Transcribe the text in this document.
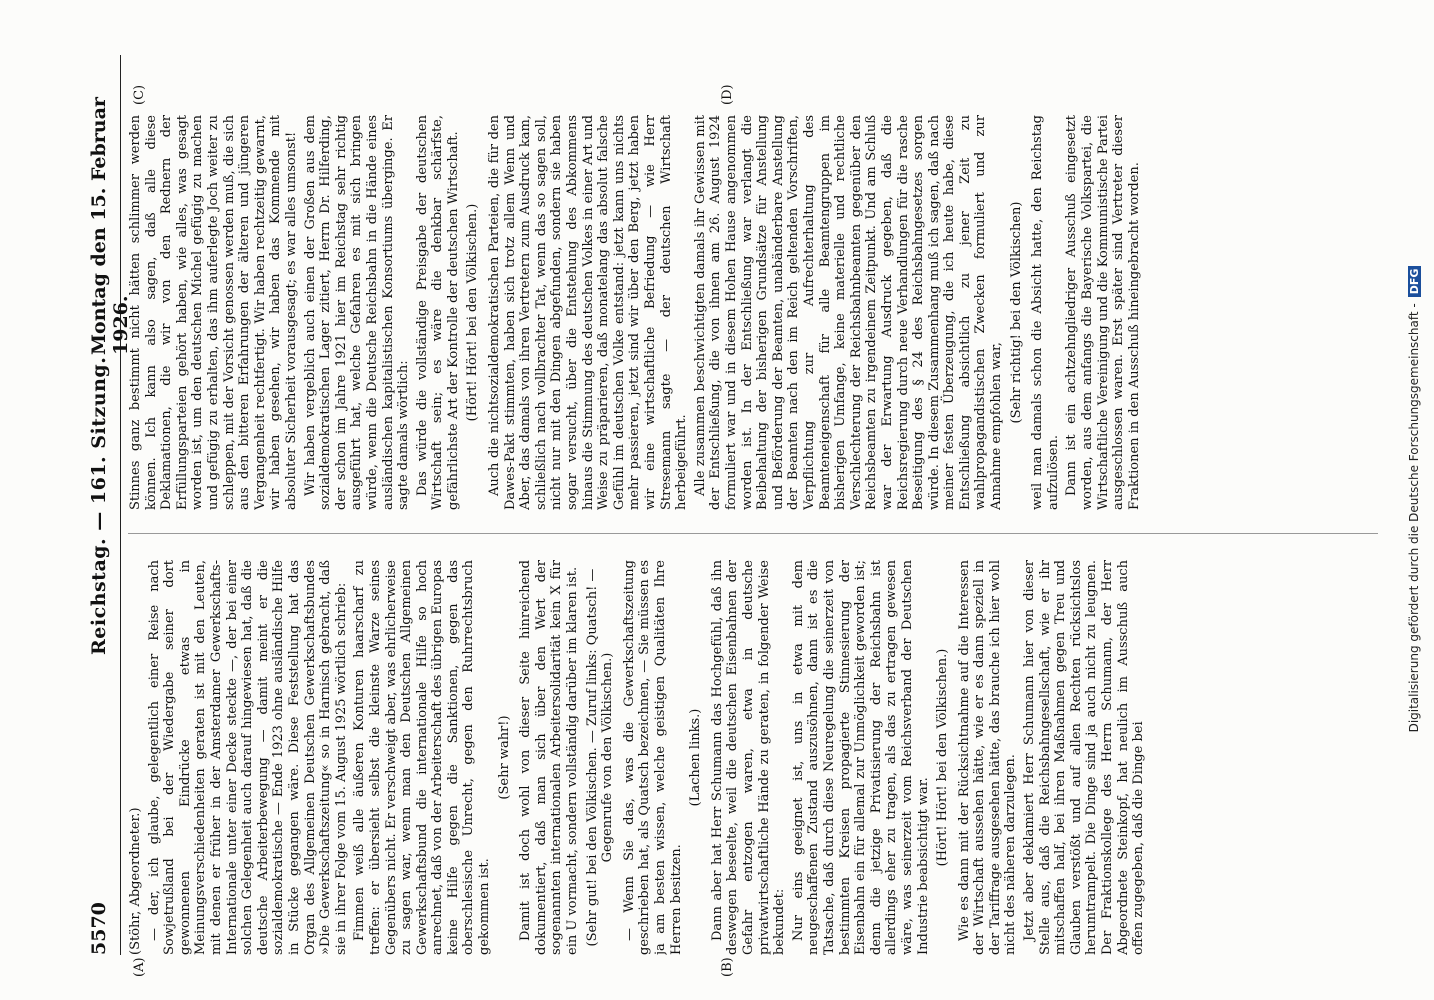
5570
Reichstag. — 161. Sitzung.
Montag den 15. Februar 1926.
(A)	(B)
(C)	(D)

(Stöhr, Abgeordneter.) — der, ich glaube, gelegentlich einer Reise nach Sowjetrußland bei der Wiedergabe seiner dort gewonnenen Eindrücke etwas in Meinungsverschiedenheiten geraten ist mit den Leuten, mit denen er früher in der Amsterdamer Gewerkschafts-Internationale unter einer Decke steckte —, der bei einer solchen Gelegenheit auch darauf hingewiesen hat, daß die deutsche Arbeiterbewegung — damit meint er die sozialdemokratische — Ende 1923 ohne ausländische Hilfe in Stücke gegangen wäre. Diese Feststellung hat das Organ des Allgemeinen Deutschen Gewerkschaftsbundes »Die Gewerkschaftszeitung« so in Harnisch gebracht, daß sie in ihrer Folge vom 15. August 1925 wörtlich schrieb: Fimmen weiß alle äußeren Konturen haarscharf zu treffen: er übersieht selbst die kleinste Warze seines Gegenübers nicht. Er verschweigt aber, was ehrlicherweise zu sagen war, wenn man den Deutschen Allgemeinen Gewerkschaftsbund die internationale Hilfe so hoch anrechnet, daß von der Arbeiterschaft des übrigen Europas keine Hilfe gegen die Sanktionen, gegen das oberschlesische Unrecht, gegen den Ruhrrechtsbruch gekommen ist.

(Sehr wahr!) Damit ist doch wohl von dieser Seite hinreichend dokumentiert, daß man sich über den Wert der sogenannten internationalen Arbeitersolidarität kein X für ein U vormacht, sondern vollständig darüber im klaren ist. (Sehr gut! bei den Völkischen. — Zuruf links: Quatsch! — Gegenrufe von den Völkischen.) — Wenn Sie das, was die Gewerkschaftszeitung geschrieben hat, als Quatsch bezeichnen, — Sie müssen es ja am besten wissen, welche geistigen Qualitäten Ihre Herren besitzen.

(Lachen links.) Dann aber hat Herr Schumann das Hochgefühl, daß ihn deswegen beseelte, weil die deutschen Eisenbahnen der Gefahr entzogen waren, etwa in deutsche privatwirtschaftliche Hände zu geraten, in folgender Weise bekundet: Nur eins geeignet ist, uns in etwa mit dem neugeschaffenen Zustand auszusöhnen, dann ist es die Tatsache, daß durch diese Neuregelung die seinerzeit von bestimmten Kreisen propagierte Stinnesierung der Eisenbahn ein für allemal zur Unmöglichkeit geworden ist; denn die jetzige Privatisierung der Reichsbahn ist allerdings eher zu tragen, als das zu ertragen gewesen wäre, was seinerzeit vom Reichsverband der Deutschen Industrie beabsichtigt war. (Hört! Hört! bei den Völkischen.) Wie es dann mit der Rücksichtnahme auf die Interessen der Wirtschaft aussehen hätte, wie er es dann speziell in der Tariffrage ausgesehen hätte, das brauche ich hier wohl nicht des näheren darzulegen. Jetzt aber deklamiert Herr Schumann hier von dieser Stelle aus, daß die Reichsbahngesellschaft, wie er ihr mitschaffen half, bei ihren Maßnahmen gegen Treu und Glauben verstößt und auf allen Rechten rücksichtslos herumtrampelt. Die Dinge sind ja auch nicht zu leugnen. Der Fraktionskollege des Herrn Schumann, der Herr Abgeordnete Steinkopf, hat neulich im Ausschuß auch offen zugegeben, daß die Dinge bei

Stinnes ganz bestimmt nicht hätten schlimmer werden können. Ich kann also sagen, daß alle diese Deklamationen, die wir von den Rednern der Erfüllungsparteien gehört haben, wie alles, was gesagt worden ist, um den deutschen Michel gefügig zu machen und gefügig zu erhalten, das ihm auferlegte Joch weiter zu schleppen, mit der Vorsicht genossen werden muß, die sich aus den bitteren Erfahrungen der älteren und jüngeren Vergangenheit rechtfertigt. Wir haben rechtzeitig gewarnt, wir haben gesehen, wir haben das Kommende mit absoluter Sicherheit vorausgesagt; es war alles umsonst! Wir haben vergeblich auch einen der Großen aus dem sozialdemokratischen Lager zitiert, Herrn Dr. Hilferding, der schon im Jahre 1921 hier im Reichstag sehr richtig ausgeführt hat, welche Gefahren es mit sich bringen würde, wenn die Deutsche Reichsbahn in die Hände eines ausländischen kapitalistischen Konsortiums überginge. Er sagte damals wörtlich: Das würde die vollständige Preisgabe der deutschen Wirtschaft sein; es wäre die denkbar schärfste, gefährlichste Art der Kontrolle der deutschen Wirtschaft. (Hört! Hört! bei den Völkischen.) Auch die nichtsozialdemokratischen Parteien, die für den Dawes-Pakt stimmten, haben sich trotz allem Wenn und Aber, das damals von ihren Vertretern zum Ausdruck kam, schließlich nach vollbrachter Tat, wenn das so sagen soll, nicht nur mit den Dingen abgefunden, sondern sie haben sogar versucht, über die Entstehung des Abkommens hinaus die Stimmung des deutschen Volkes in einer Art und Weise zu präparieren, daß monatelang das absolut falsche Gefühl im deutschen Volke entstand: jetzt kann uns nichts mehr passieren, jetzt sind wir über den Berg, jetzt haben wir eine wirtschaftliche Befriedung — wie Herr Stresemann sagte — der deutschen Wirtschaft herbeigeführt. Alle zusammen beschwichtigten damals ihr Gewissen mit der Entschließung, die von ihnen am 26. August 1924 formuliert war und in diesem Hohen Hause angenommen worden ist. In der Entschließung war verlangt die Beibehaltung der bisherigen Grundsätze für Anstellung und Beförderung der Beamten, unabänderbare Anstellung der Beamten nach den im Reich geltenden Vorschriften, Verpflichtung zur Aufrechterhaltung des Beamteneigenschaft für alle Beamtengruppen im bisherigen Umfange, keine materielle und rechtliche Verschlechterung der Reichsbahnbeamten gegenüber den Reichsbeamten zu irgendeinem Zeitpunkt. Und am Schluß war der Erwartung Ausdruck gegeben, daß die Reichsregierung durch neue Verhandlungen für die rasche Beseitigung des § 24 des Reichsbahngesetzes sorgen würde. In diesem Zusammenhang muß ich sagen, daß nach meiner festen Überzeugung, die ich heute habe, diese Entschließung absichtlich zu jener Zeit zu wahlpropagandistischen Zwecken formuliert und zur Annahme empfohlen war,

(Sehr richtig! bei den Völkischen) weil man damals schon die Absicht hatte, den Reichstag aufzulösen. Dann ist ein achtzehngliedriger Ausschuß eingesetzt worden, aus dem anfangs die Bayerische Volkspartei, die Wirtschaftliche Vereinigung und die Kommunistische Partei ausgeschlossen waren. Erst später sind Vertreter dieser Fraktionen in den Ausschuß hineingebracht worden.	Digitalisierung gefördert durch die Deutsche Forschungsgemeinschaft -DFG
